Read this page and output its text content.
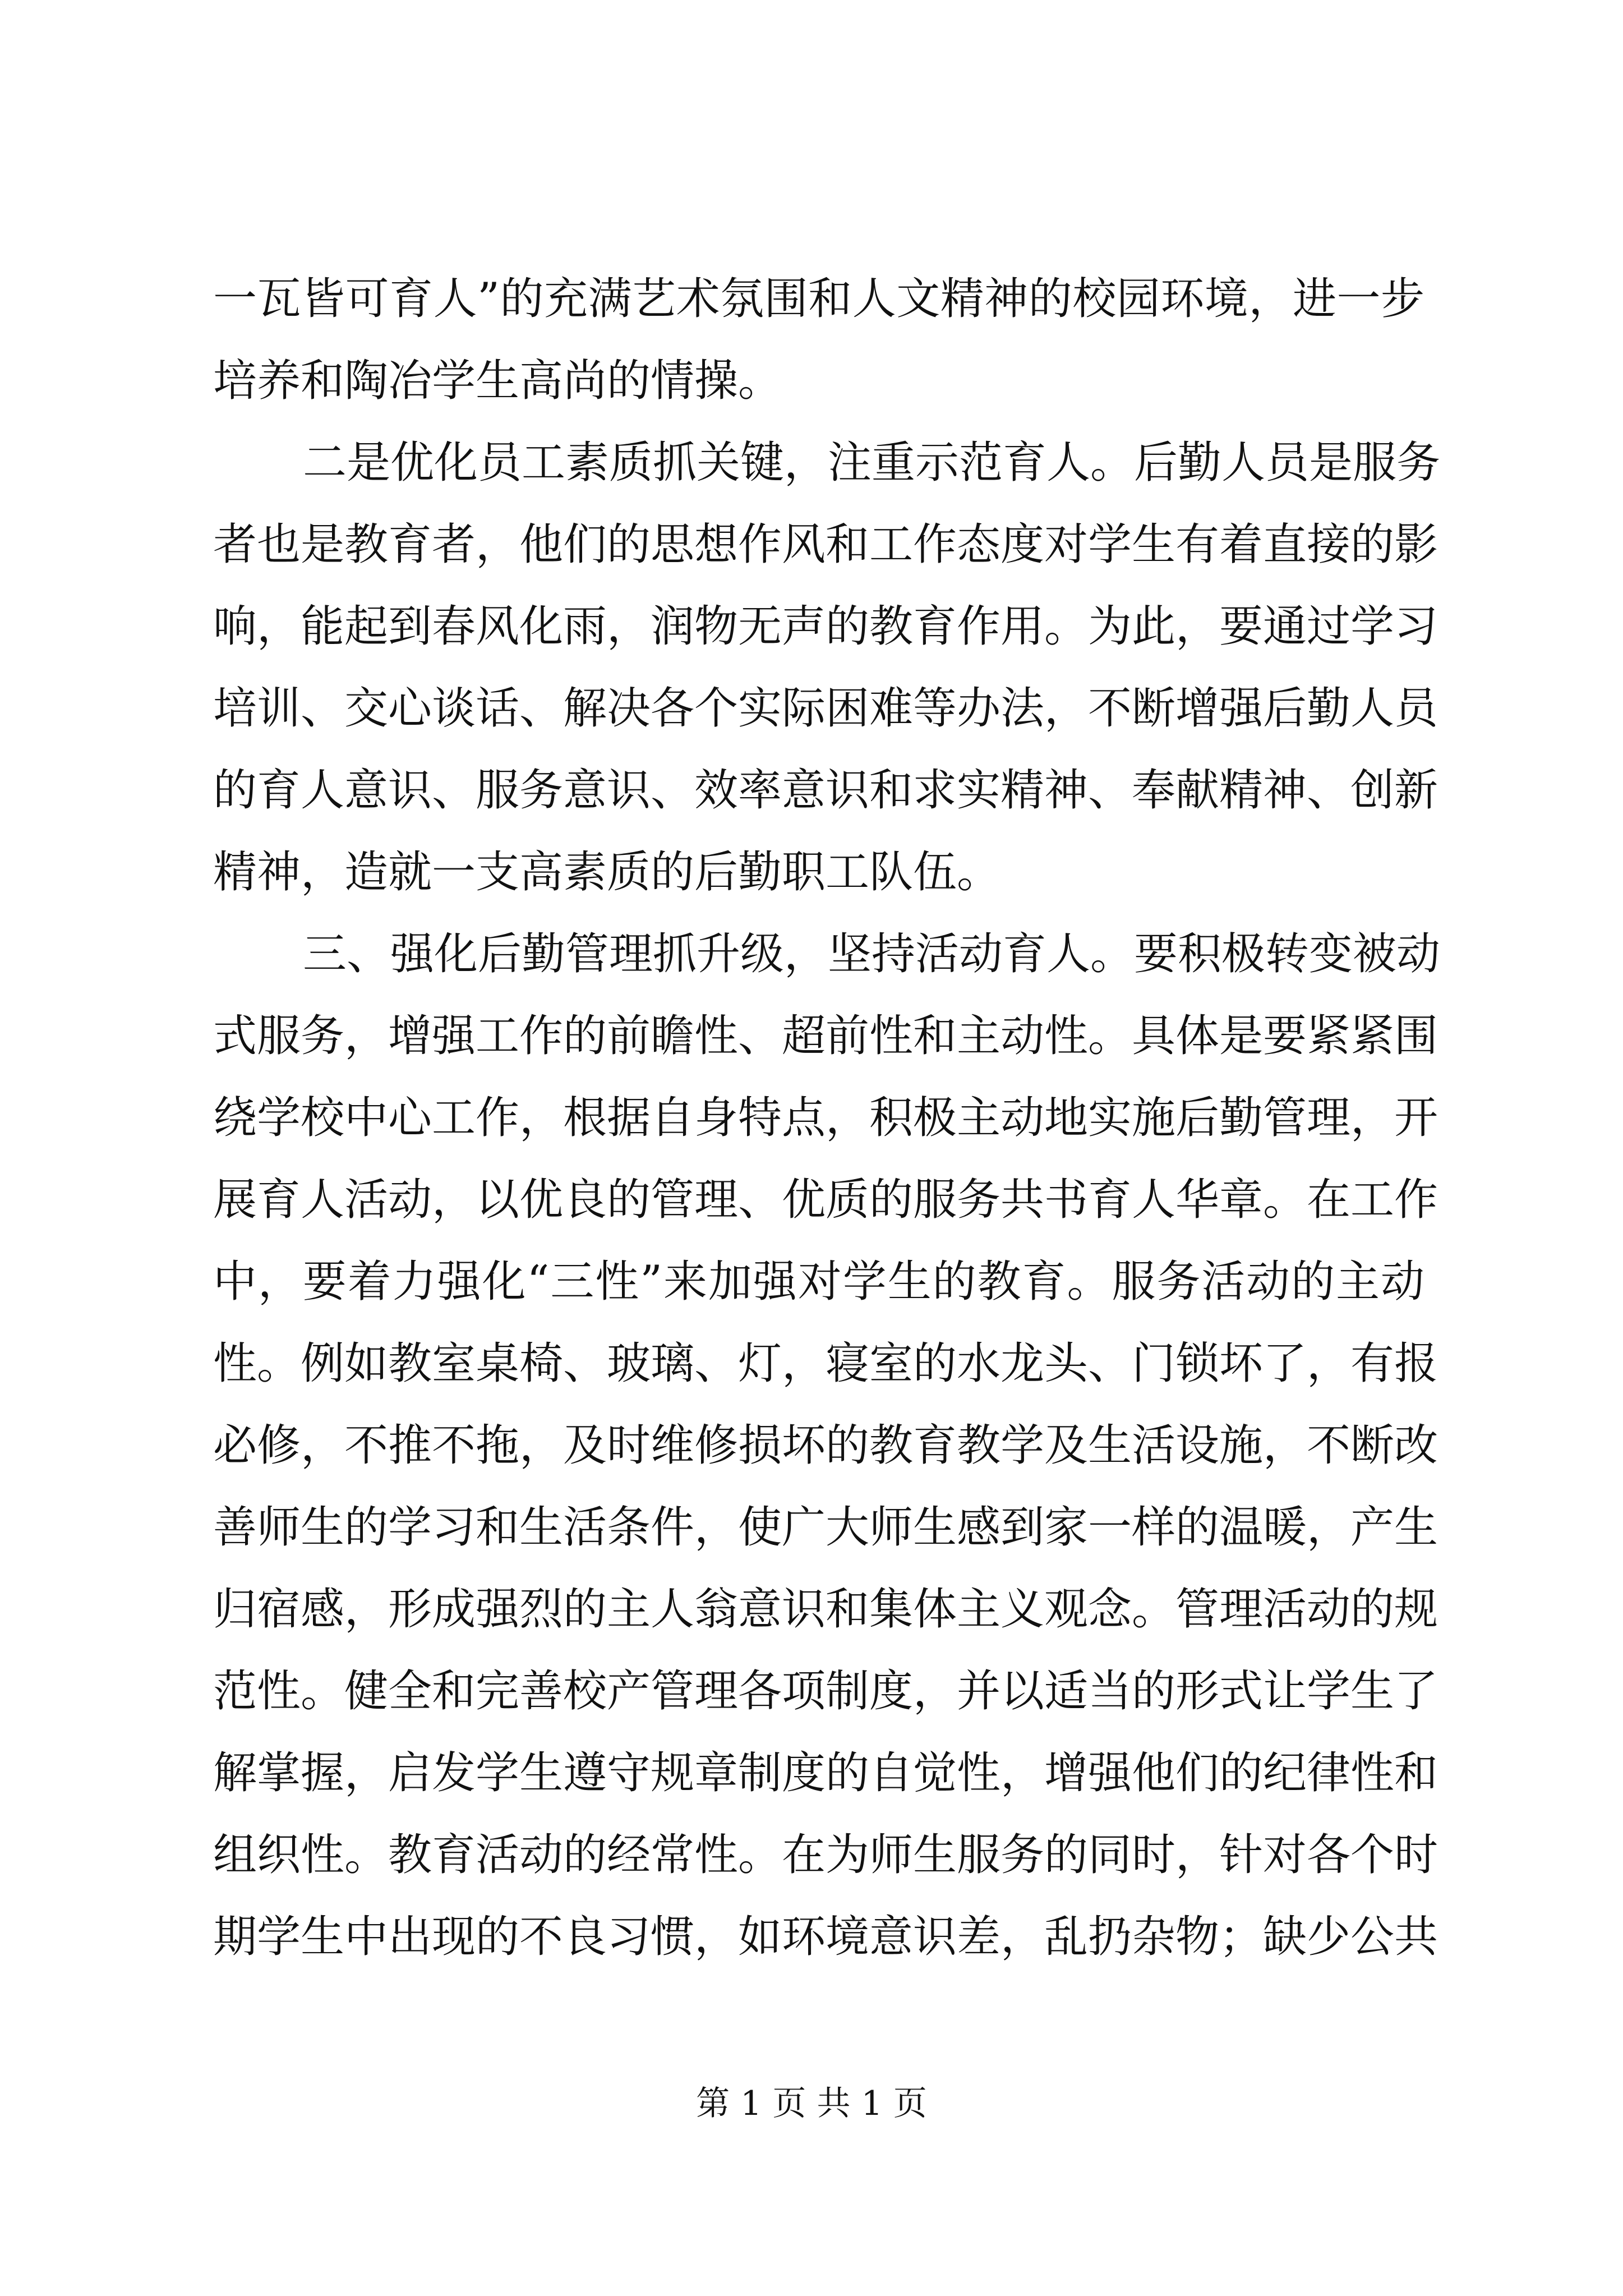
一瓦皆可育人”的充满艺术氛围和人文精神的校园环境，进一步
培养和陶冶学生高尚的情操。
二是优化员工素质抓关键，注重示范育人。后勤人员是服务
者也是教育者，他们的思想作风和工作态度对学生有着直接的影
响，能起到春风化雨，润物无声的教育作用。为此，要通过学习
培训、交心谈话、解决各个实际困难等办法，不断增强后勤人员
的育人意识、服务意识、效率意识和求实精神、奉献精神、创新
精神，造就一支高素质的后勤职工队伍。
三、强化后勤管理抓升级，坚持活动育人。要积极转变被动
式服务，增强工作的前瞻性、超前性和主动性。具体是要紧紧围
绕学校中心工作，根据自身特点，积极主动地实施后勤管理，开
展育人活动，以优良的管理、优质的服务共书育人华章。在工作
中，要着力强化“三性”来加强对学生的教育。服务活动的主动
性。例如教室桌椅、玻璃、灯，寝室的水龙头、门锁坏了，有报
必修，不推不拖，及时维修损坏的教育教学及生活设施，不断改
善师生的学习和生活条件，使广大师生感到家一样的温暖，产生
归宿感，形成强烈的主人翁意识和集体主义观念。管理活动的规
范性。健全和完善校产管理各项制度，并以适当的形式让学生了
解掌握，启发学生遵守规章制度的自觉性，增强他们的纪律性和
组织性。教育活动的经常性。在为师生服务的同时，针对各个时
期学生中出现的不良习惯，如环境意识差，乱扔杂物；缺少公共
第 1 页 共 1 页
